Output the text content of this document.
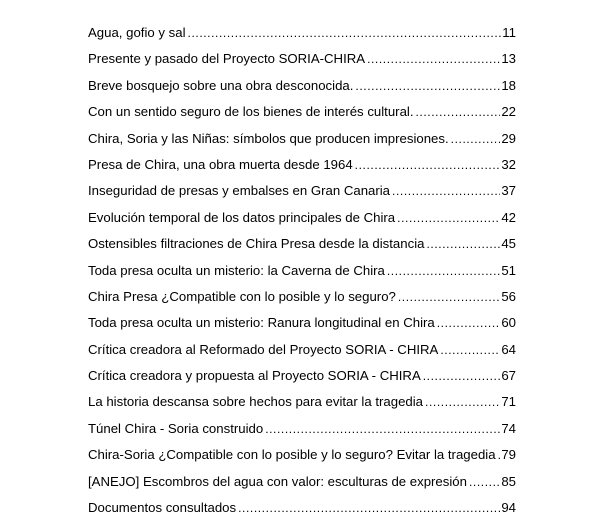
Agua, gofio y sal .....	11
Presente y pasado del Proyecto SORIA-CHIRA .....	13
Breve bosquejo sobre una obra desconocida. .....	18
Con un sentido seguro de los bienes de interés cultural. .....	22
Chira, Soria y las Niñas: símbolos que producen impresiones. .....	29
Presa de Chira, una obra muerta desde 1964 .....	32
Inseguridad de presas y embalses en Gran Canaria .....	37
Evolución temporal de los datos principales de Chira .....	42
Ostensibles filtraciones de Chira Presa desde la distancia .....	45
Toda presa oculta un misterio: la Caverna de Chira .....	51
Chira Presa ¿Compatible con lo posible y lo seguro? .....	56
Toda presa oculta un misterio: Ranura longitudinal en Chira .....	60
Crítica creadora al Reformado del Proyecto SORIA - CHIRA .....	64
Crítica creadora y propuesta al Proyecto SORIA - CHIRA .....	67
La historia descansa sobre hechos para evitar la tragedia .....	71
Túnel Chira - Soria construido .....	74
Chira-Soria ¿Compatible con lo posible y lo seguro? Evitar la tragedia ..... 79
[ANEJO] Escombros del agua con valor: esculturas de expresión .....	85
Documentos consultados .....	94
